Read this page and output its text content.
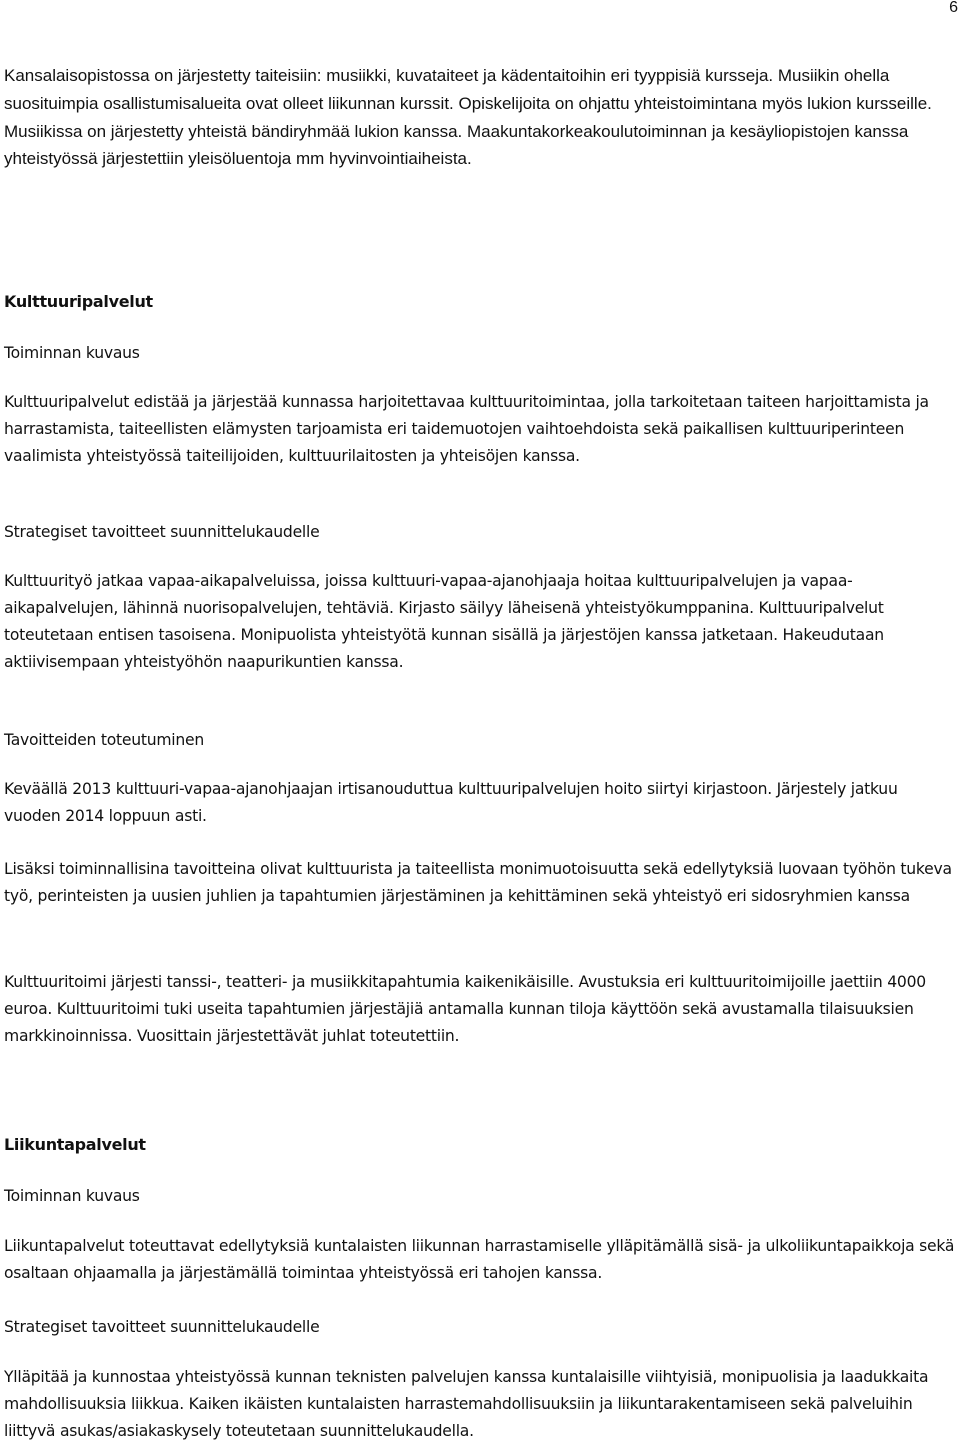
6

Kansalaisopistossa on järjestetty taiteisiin: musiikki, kuvataiteet ja kädentaitoihin eri tyyppisiä kursseja. Musiikin ohella suosituimpia osallistumisalueita ovat olleet liikunnan kurssit. Opiskelijoita on ohjattu yhteistoimintana myös lukion kursseille. Musiikissa on järjestetty yhteistä bändiryhmää lukion kanssa. Maakuntakorkeakoulutoiminnan ja kesäyliopistojen kanssa yhteistyössä järjestettiin yleisöluentoja mm hyvinvointiaiheista.

Kulttuuripalvelut

Toiminnan kuvaus

Kulttuuripalvelut edistää ja järjestää kunnassa harjoitettavaa kulttuuritoimintaa, jolla tarkoitetaan taiteen harjoittamista ja harrastamista, taiteellisten elämysten tarjoamista eri taidemuotojen vaihtoehdoista sekä paikallisen kulttuuriperinteen vaalimista yhteistyössä taiteilijoiden, kulttuurilaitosten ja yhteisöjen kanssa.

Strategiset tavoitteet suunnittelukaudelle

Kulttuurityö jatkaa vapaa-aikapalveluissa, joissa kulttuuri-vapaa-ajanohjaaja hoitaa kulttuuripalvelujen ja vapaa-aikapalvelujen, lähinnä nuorisopalvelujen, tehtäviä. Kirjasto säilyy läheisenä yhteistyökumppanina. Kulttuuripalvelut toteutetaan entisen tasoisena. Monipuolista yhteistyötä kunnan sisällä ja järjestöjen kanssa jatketaan. Hakeudutaan aktiivisempaan yhteistyöhön naapurikuntien kanssa.

Tavoitteiden toteutuminen

Keväällä 2013 kulttuuri-vapaa-ajanohjaajan irtisanouduttua kulttuuripalvelujen hoito siirtyi kirjastoon. Järjestely jatkuu vuoden 2014 loppuun asti.

Lisäksi toiminnallisina tavoitteina olivat kulttuurista ja taiteellista monimuotoisuutta sekä edellytyksiä luovaan työhön tukeva työ, perinteisten ja uusien juhlien ja tapahtumien järjestäminen ja kehittäminen sekä yhteistyö eri sidosryhmien kanssa

Kulttuuritoimi järjesti tanssi-, teatteri- ja musiikkitapahtumia kaikenikäisille. Avustuksia eri kulttuuritoimijoille jaettiin 4000 euroa. Kulttuuritoimi tuki useita tapahtumien järjestäjiä antamalla kunnan tiloja käyttöön sekä avustamalla tilaisuuksien markkinoinnissa. Vuosittain järjestettävät juhlat toteutettiin.

Liikuntapalvelut

Toiminnan kuvaus

Liikuntapalvelut toteuttavat edellytyksiä kuntalaisten liikunnan harrastamiselle ylläpitämällä sisä- ja ulkoliikuntapaikkoja sekä osaltaan ohjaamalla ja järjestämällä toimintaa yhteistyössä eri tahojen kanssa.

Strategiset tavoitteet suunnittelukaudelle

Ylläpitää ja kunnostaa yhteistyössä kunnan teknisten palvelujen kanssa kuntalaisille viihtyisiä, monipuolisia ja laadukkaita mahdollisuuksia liikkua. Kaiken ikäisten kuntalaisten harrastemahdollisuuksiin ja liikuntarakentamiseen sekä palveluihin liittyvä asukas/asiakaskysely toteutetaan suunnittelukaudella.
